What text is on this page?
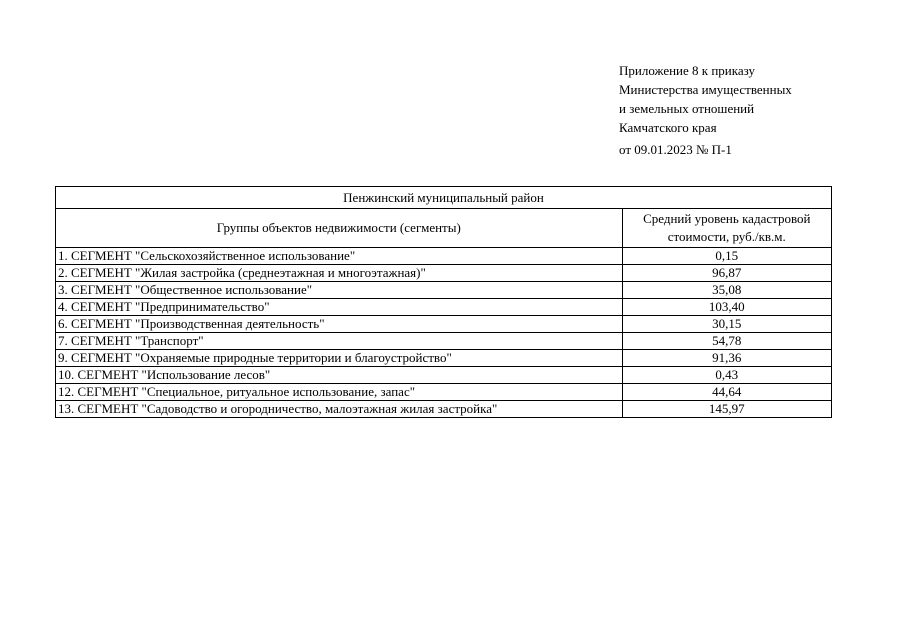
Приложение 8 к приказу
Министерства имущественных
и земельных отношений
Камчатского края
от 09.01.2023 № П-1
Пенжинский муниципальный район	
Группы объектов недвижимости (сегменты)	Средний уровень кадастровой
стоимости, руб./кв.м.
1. СЕГМЕНТ "Сельскохозяйственное использование"	0,15
2. СЕГМЕНТ "Жилая застройка (среднеэтажная и многоэтажная)"	96,87
3. СЕГМЕНТ "Общественное использование"	35,08
4. СЕГМЕНТ "Предпринимательство"	103,40
6. СЕГМЕНТ "Производственная деятельность"	30,15
7. СЕГМЕНТ "Транспорт"	54,78
9. СЕГМЕНТ "Охраняемые природные территории и благоустройство"	91,36
10. СЕГМЕНТ "Использование лесов"	0,43
12. СЕГМЕНТ "Специальное, ритуальное использование, запас"	44,64
13. СЕГМЕНТ "Садоводство и огородничество, малоэтажная жилая застройка"	145,97
